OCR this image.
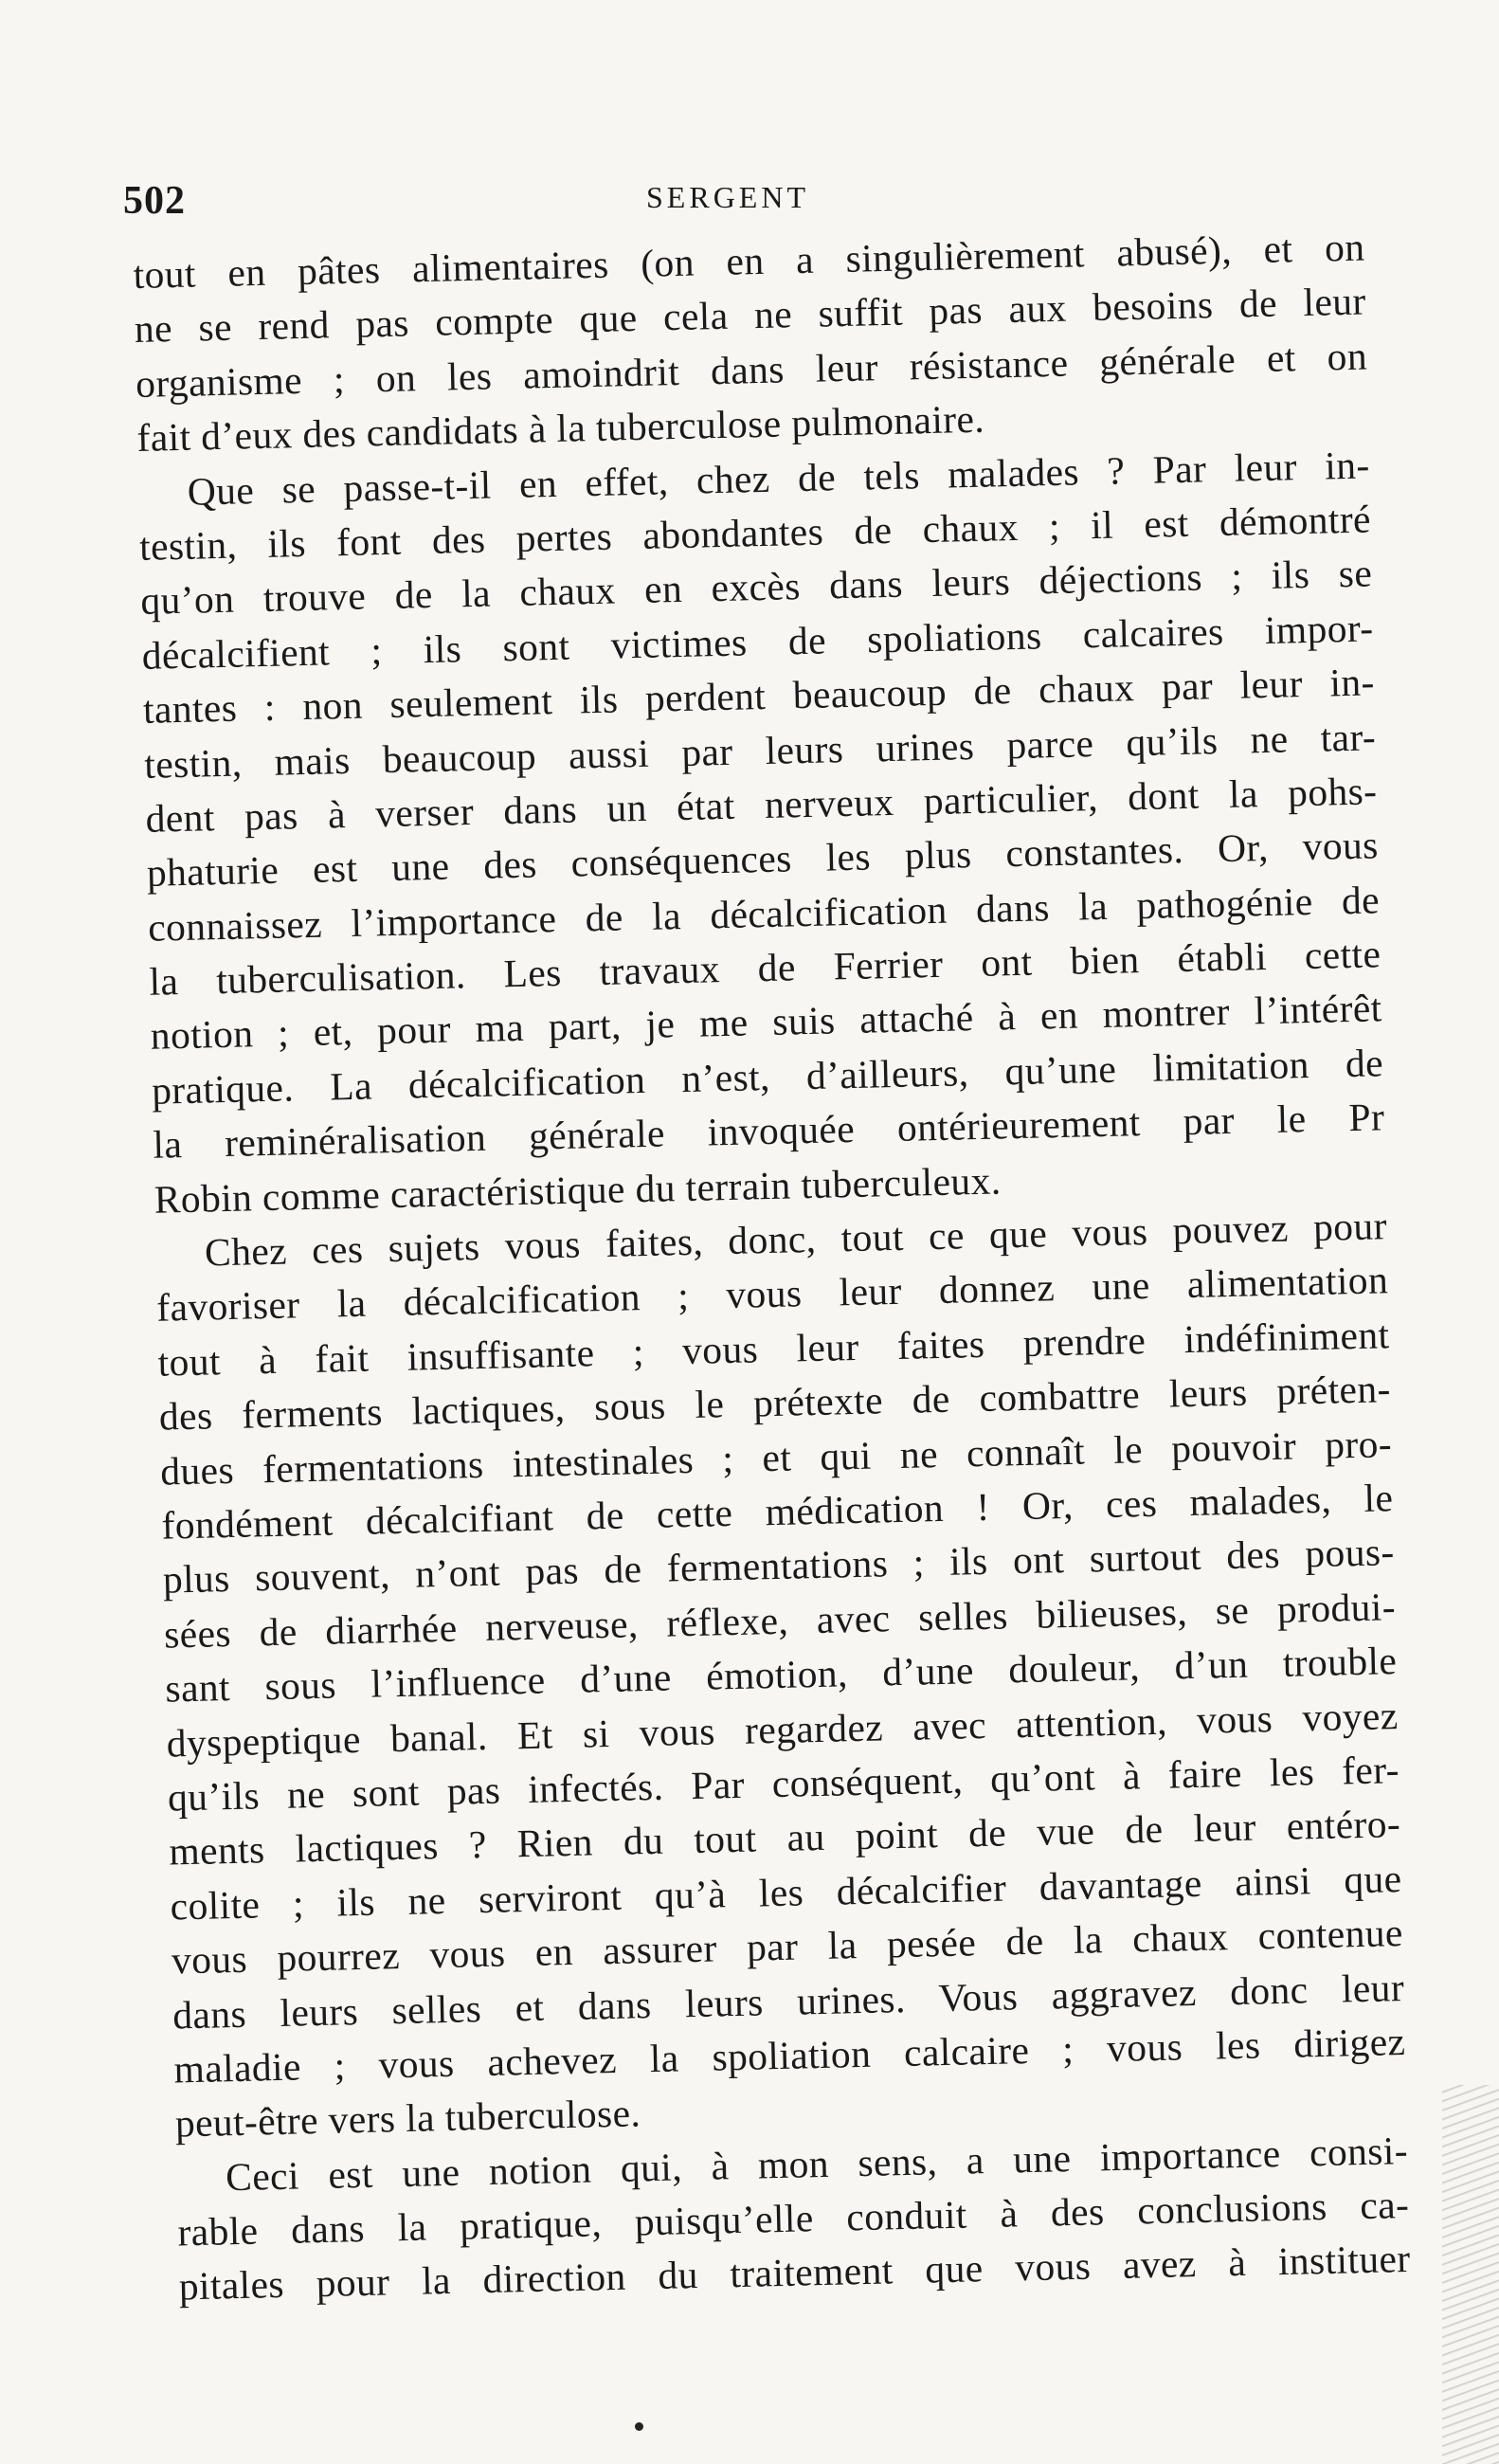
502	SERGENT
tout en pâtes alimentaires (on en a singulièrement abusé), et on
ne se rend pas compte que cela ne suffit pas aux besoins de leur
organisme ; on les amoindrit dans leur résistance générale et on
fait d’eux des candidats à la tuberculose pulmonaire.
Que se passe-t-il en effet, chez de tels malades ? Par leur in-
testin, ils font des pertes abondantes de chaux ; il est démontré
qu’on trouve de la chaux en excès dans leurs déjections ; ils se
décalcifient ; ils sont victimes de spoliations calcaires impor-
tantes : non seulement ils perdent beaucoup de chaux par leur in-
testin, mais beaucoup aussi par leurs urines parce qu’ils ne tar-
dent pas à verser dans un état nerveux particulier, dont la pohs-
phaturie est une des conséquences les plus constantes. Or, vous
connaissez l’importance de la décalcification dans la pathogénie de
la tuberculisation. Les travaux de Ferrier ont bien établi cette
notion ; et, pour ma part, je me suis attaché à en montrer l’intérêt
pratique. La décalcification n’est, d’ailleurs, qu’une limitation de
la reminéralisation générale invoquée ontérieurement par le Pr
Robin comme caractéristique du terrain tuberculeux.
Chez ces sujets vous faites, donc, tout ce que vous pouvez pour
favoriser la décalcification ; vous leur donnez une alimentation
tout à fait insuffisante ; vous leur faites prendre indéfiniment
des ferments lactiques, sous le prétexte de combattre leurs préten-
dues fermentations intestinales ; et qui ne connaît le pouvoir pro-
fondément décalcifiant de cette médication ! Or, ces malades, le
plus souvent, n’ont pas de fermentations ; ils ont surtout des pous-
sées de diarrhée nerveuse, réflexe, avec selles bilieuses, se produi-
sant sous l’influence d’une émotion, d’une douleur, d’un trouble
dyspeptique banal. Et si vous regardez avec attention, vous voyez
qu’ils ne sont pas infectés. Par conséquent, qu’ont à faire les fer-
ments lactiques ? Rien du tout au point de vue de leur entéro-
colite ; ils ne serviront qu’à les décalcifier davantage ainsi que
vous pourrez vous en assurer par la pesée de la chaux contenue
dans leurs selles et dans leurs urines. Vous aggravez donc leur
maladie ; vous achevez la spoliation calcaire ; vous les dirigez
peut-être vers la tuberculose.
Ceci est une notion qui, à mon sens, a une importance consi-
rable dans la pratique, puisqu’elle conduit à des conclusions ca-
pitales pour la direction du traitement que vous avez à instituer
